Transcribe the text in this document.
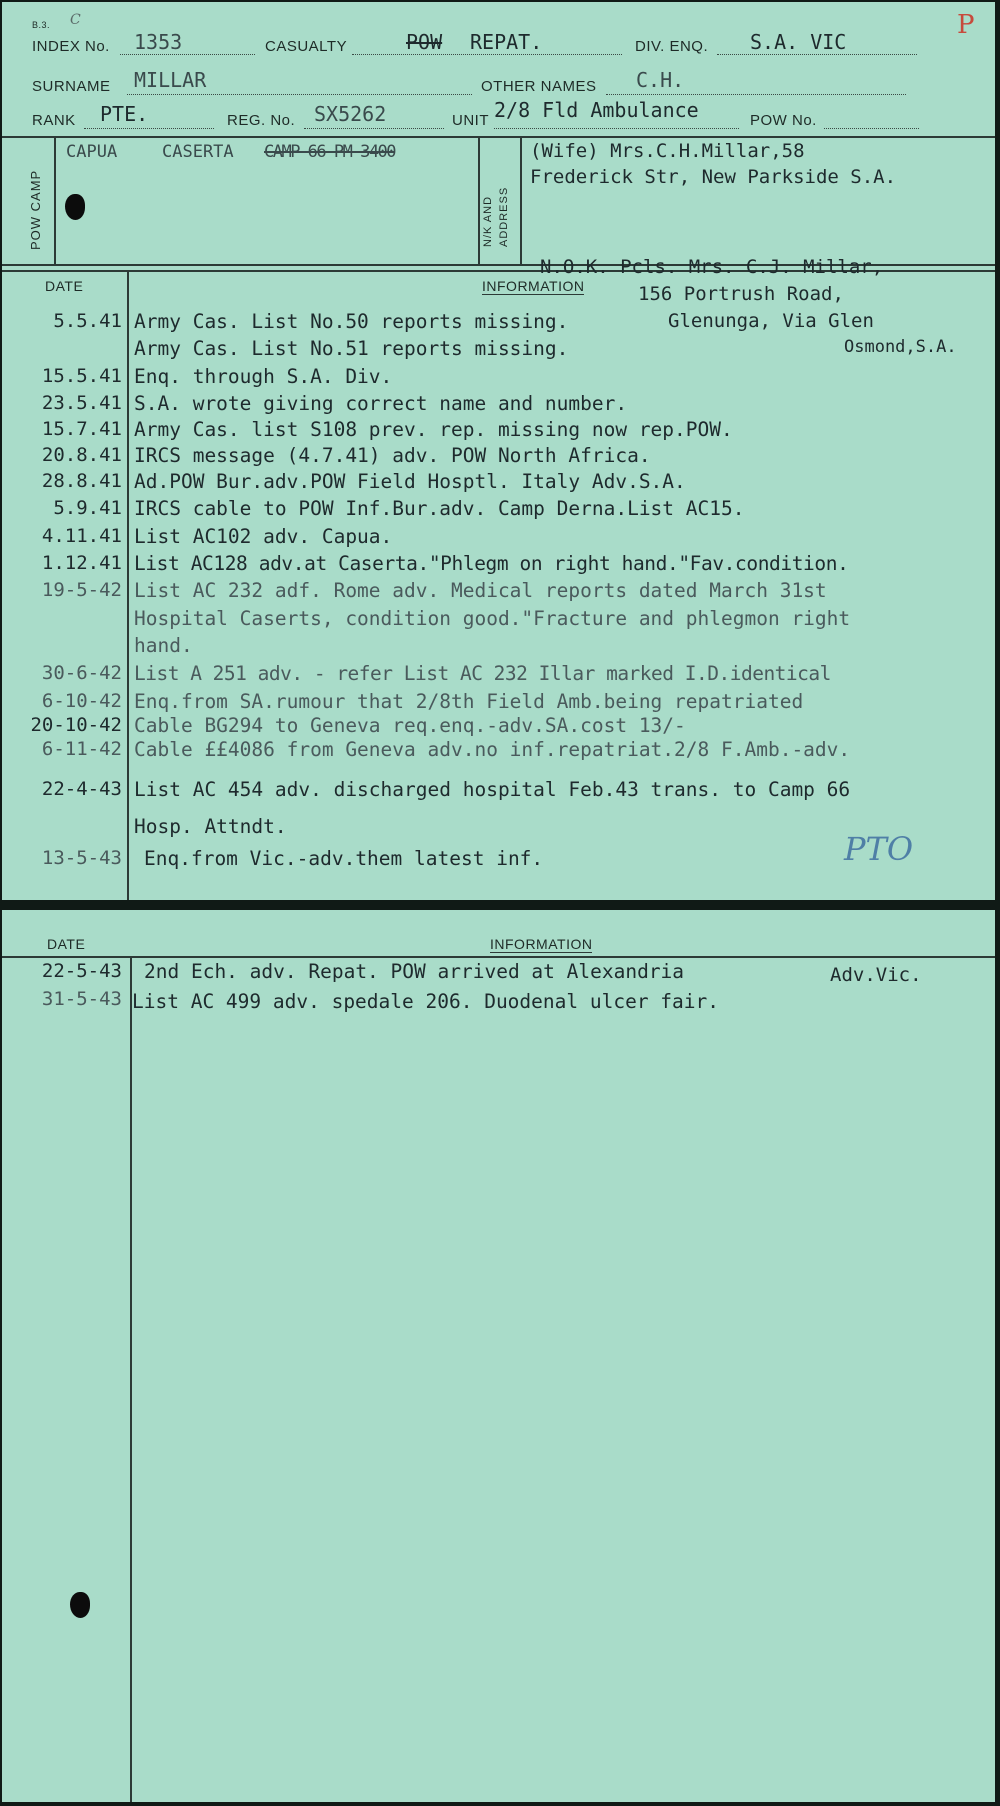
B.3. C	P
INDEX No. 1353	CASUALTY	POW REPAT.	DIV. ENQ. S.A. VIC
SURNAME MILLAR	OTHER NAMES C.H.
RANK PTE.	REG. No. SX5262	UNIT 2/8 Fld Ambulance	POW No.
POW CAMP	N/K AND ADDRESS
CAPUA	CASERTA CAMP 66 PM 3400	(Wife) Mrs.C.H.Millar,58
Frederick Str, New Parkside S.A.
DATE	INFORMATION
N.O.K. Pcls. Mrs. C.J. Millar,
156 Portrush Road,
Glenunga, Via Glen
Osmond,S.A.
5.5.41 Army Cas. List No.50 reports missing.
Army Cas. List No.51 reports missing.
15.5.41 Enq. through S.A. Div.
23.5.41 S.A. wrote giving correct name and number.
15.7.41 Army Cas. list S108 prev. rep. missing now rep.POW.
20.8.41 IRCS message (4.7.41) adv. POW North Africa.
28.8.41 Ad.POW Bur.adv.POW Field Hosptl. Italy Adv.S.A.
5.9.41 IRCS cable to POW Inf.Bur.adv. Camp Derna.List AC15.
4.11.41 List AC102 adv. Capua.
1.12.41 List AC128 adv.at Caserta."Phlegm on right hand."Fav.condition.
19-5-42 List AC 232 adf. Rome adv. Medical reports dated March 31st
Hospital Caserts, condition good."Fracture and phlegmon right
hand.
30-6-42 List A 251 adv. - refer List AC 232 Illar marked I.D.identical
6-10-42 Enq.from SA.rumour that 2/8th Field Amb.being repatriated
20-10-42 Cable BG294 to Geneva req.enq.-adv.SA.cost 13/-
6-11-42 Cable ££4086 from Geneva adv.no inf.repatriat.2/8 F.Amb.-adv.
22-4-43 List AC 454 adv. discharged hospital Feb.43 trans. to Camp 66
Hosp. Attndt.
13-5-43 Enq.from Vic.-adv.them latest inf.	PTO
DATE	INFORMATION
22-5-43 2nd Ech. adv. Repat. POW arrived at Alexandria	Adv.Vic.
31-5-43 List AC 499 adv. spedale 206. Duodenal ulcer fair.
